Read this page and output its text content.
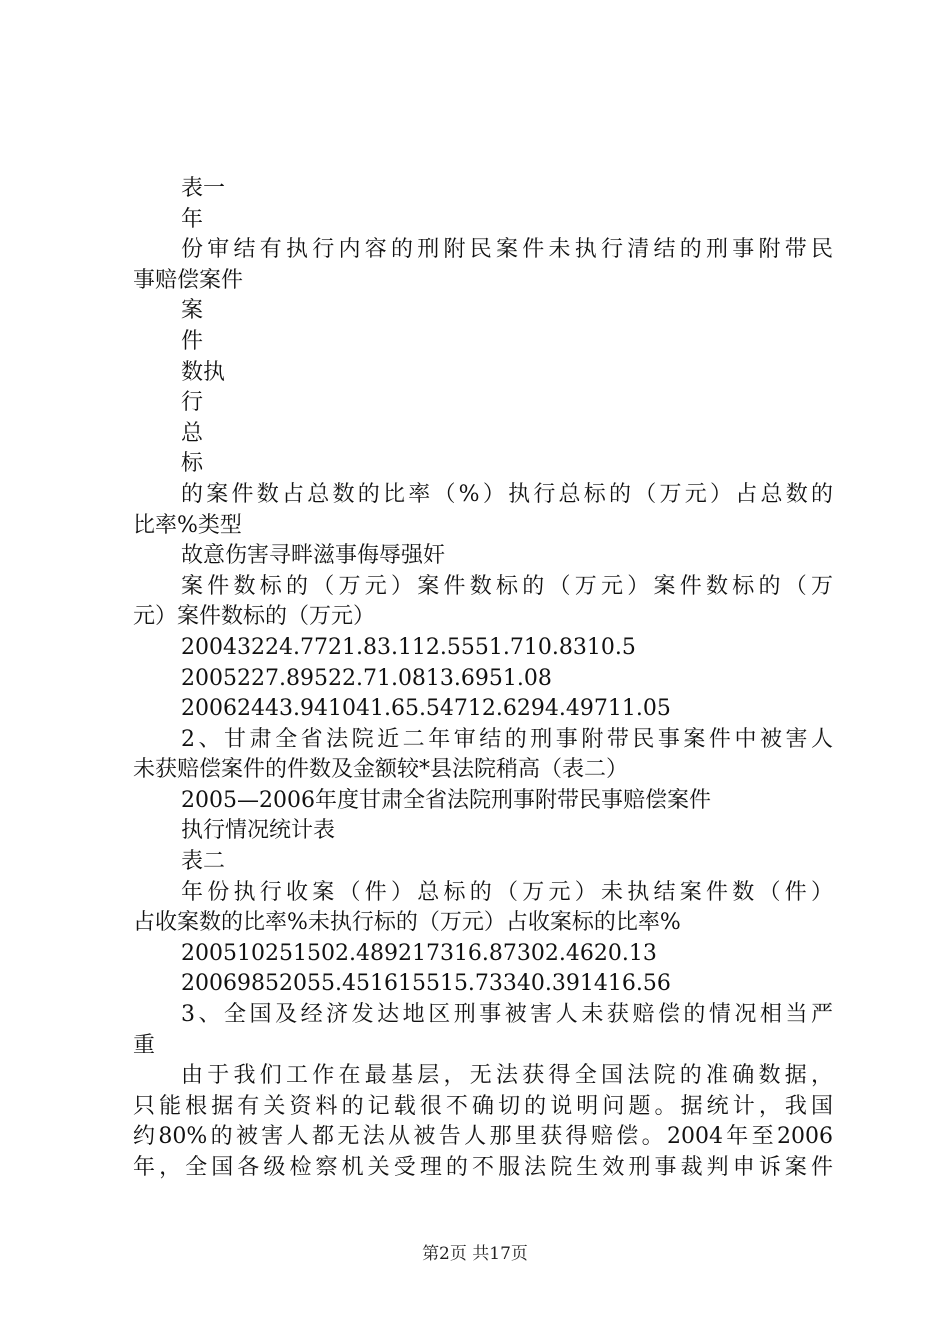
表一
年
份审结有执行内容的刑附民案件未执行清结的刑事附带民
事赔偿案件
案
件
数执
行
总
标
的案件数占总数的比率（%）执行总标的（万元）占总数的
比率%类型
故意伤害寻畔滋事侮辱强奸
案件数标的（万元）案件数标的（万元）案件数标的（万
元）案件数标的（万元）
20043224.7721.83.112.5551.710.8310.5
2005227.89522.71.0813.6951.08
20062443.941041.65.54712.6294.49711.05
2、甘肃全省法院近二年审结的刑事附带民事案件中被害人
未获赔偿案件的件数及金额较*县法院稍高（表二）
2005—2006年度甘肃全省法院刑事附带民事赔偿案件
执行情况统计表
表二
年份执行收案（件）总标的（万元）未执结案件数（件）
占收案数的比率%未执行标的（万元）占收案标的比率%
200510251502.489217316.87302.4620.13
20069852055.451615515.73340.391416.56
3、全国及经济发达地区刑事被害人未获赔偿的情况相当严
重
由于我们工作在最基层，无法获得全国法院的准确数据，
只能根据有关资料的记载很不确切的说明问题。据统计，我国
约80%的被害人都无法从被告人那里获得赔偿。2004年至2006
年，全国各级检察机关受理的不服法院生效刑事裁判申诉案件
第2页 共17页
